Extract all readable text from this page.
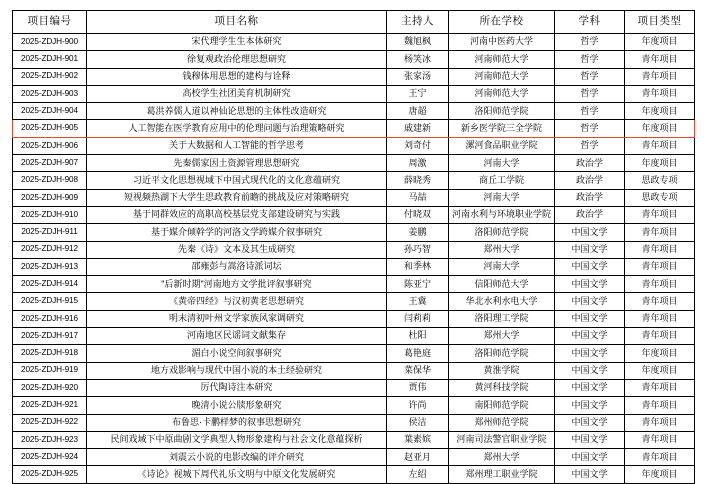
项目编号	项目名称	主持人	所在学校	学科	项目类型
2025-ZDJH-900	宋代理学生生本体研究	魏旭枫	河南中医药大学	哲学	年度项目
2025-ZDJH-901	徐复观政治伦理思想研究	杨笑冰	河南师范大学	哲学	青年项目
2025-ZDJH-902	钱穆体用思想的建构与诠释	张家汤	河南师范大学	哲学	青年项目
2025-ZDJH-903	高校学生社团美育机制研究	王宁	河南师范大学	哲学	青年项目
2025-ZDJH-904	葛洪养儒人道以神仙论思想的主体性改造研究	唐超	洛阳师范学院	哲学	年度项目
2025-ZDJH-905	人工智能在医学教育应用中的伦理问题与治理策略研究	戚建新	新乡医学院三全学院	哲学	年度项目
2025-ZDJH-906	关于大数据和人工智能的哲学思考	刘奇付	漯河食品职业学院	哲学	青年项目
2025-ZDJH-907	先秦儒家因土资源管理思想研究	周激	河南大学	政治学	年度项目
2025-ZDJH-908	习近平文化思想视域下中国式现代化的文化意蕴研究	薛晓秀	商丘工学院	政治学	思政专项
2025-ZDJH-909	短视频热湖下大学生思政教育前瞻的挑战及应对策略研究	马喆	河南大学	政治学	思政专项
2025-ZDJH-910	基于同群效应的高职高校基层党支部建设研究与实践	付晓双	河南水利与环境职业学院	政治学	青年项目
2025-ZDJH-911	基于媒介倾幹学的河洛文学跨媒介叙事研究	姜鹏	洛阳师范学院	中国文学	青年项目
2025-ZDJH-912	先秦《诗》文本及其生成研究	孙巧智	郑州大学	中国文学	青年项目
2025-ZDJH-913	邵雍彭与嵩洛诗派词坛	和季林	河南大学	中国文学	青年项目
2025-ZDJH-914	"后新时期"河南地方文学批评叙事研究	陈亚宁	信阳师范大学	中国文学	青年项目
2025-ZDJH-915	《黄帝四经》与汉初黄老思想研究	王冀	华北水利水电大学	中国文学	青年项目
2025-ZDJH-916	明末清初叶州文学家族风家调研究	闫莉莉	洛阳理工学院	中国文学	青年项目
2025-ZDJH-917	河南地区民谣词文献集存	杜阳	郑州大学	中国文学	青年项目
2025-ZDJH-918	湄白小说空间叙事研究	葛艳庭	洛阳师范学院	中国文学	年度项目
2025-ZDJH-919	地方戏影响与现代中国小说的本土经验研究	菜保华	黄淮学院	中国文学	年度项目
2025-ZDJH-920	厉代陶诗注本研究	贾伟	黄河科技学院	中国文学	青年项目
2025-ZDJH-921	晚清小说公牍形象研究	许尚	南阳师范学院	中国文学	青年项目
2025-ZDJH-922	布鲁思·卡鹏样梦的叙事思想研究	侯洁	郑州师范学院	中国文学	青年项目
2025-ZDJH-923	民间戏域下中原曲剧文学典型人物形象建构与社会文化意蕴探析	葉素嫔	河南司法警官职业学院	中国文学	青年项目
2025-ZDJH-924	刘震云小说的电影改编的评介研究	赵亚月	郑州大学	中国文学	青年项目
2025-ZDJH-925	《诗论》视城下周代礼乐文明与中原文化发展研究	左绍	郑州理工职业学院	中国文学	年度项目
